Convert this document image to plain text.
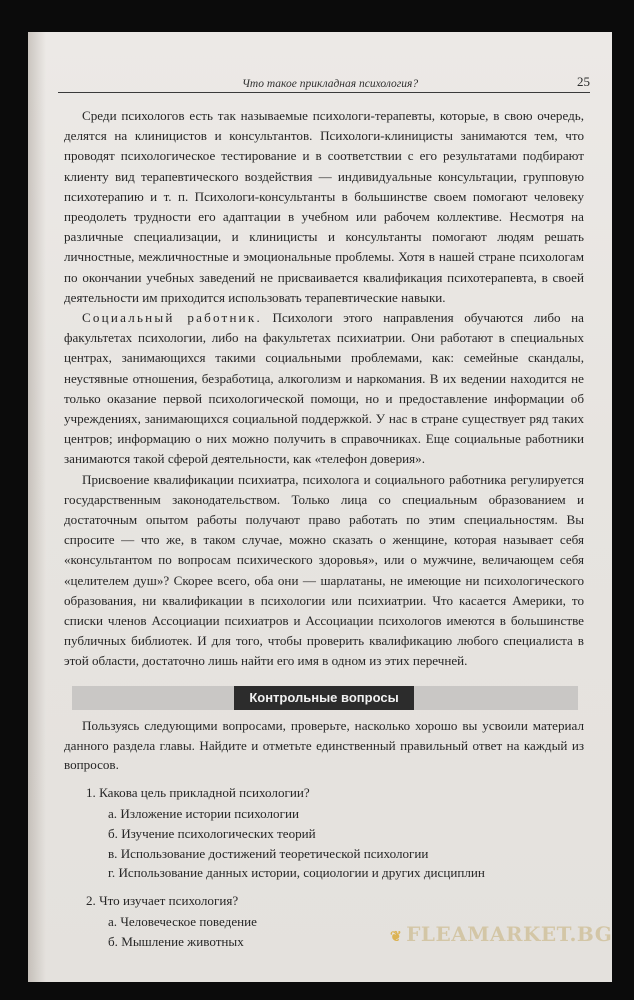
Что такое прикладная психология?	25

Среди психологов есть так называемые психологи-терапевты, которые, в свою очередь, делятся на клиницистов и консультантов. Психологи-клиницисты занимаются тем, что проводят психологическое тестирование и в соответствии с его результатами подбирают клиенту вид терапевтического воздействия — индивидуальные консультации, групповую психотерапию и т. п. Психологи-консультанты в большинстве своем помогают человеку преодолеть трудности его адаптации в учебном или рабочем коллективе. Несмотря на различные специализации, и клиницисты и консультанты помогают людям решать личностные, межличностные и эмоциональные проблемы. Хотя в нашей стране психологам по окончании учебных заведений не присваивается квалификация психотерапевта, в своей деятельности им приходится использовать терапевтические навыки.

Социальный работник. Психологи этого направления обучаются либо на факультетах психологии, либо на факультетах психиатрии. Они работают в специальных центрах, занимающихся такими социальными проблемами, как: семейные скандалы, неустявные отношения, безработица, алкоголизм и наркомания. В их ведении находится не только оказание первой психологической помощи, но и предоставление информации об учреждениях, занимающихся социальной поддержкой. У нас в стране существует ряд таких центров; информацию о них можно получить в справочниках. Еще социальные работники занимаются такой сферой деятельности, как «телефон доверия».

Присвоение квалификации психиатра, психолога и социального работника регулируется государственным законодательством. Только лица со специальным образованием и достаточным опытом работы получают право работать по этим специальностям. Вы спросите — что же, в таком случае, можно сказать о женщине, которая называет себя «консультантом по вопросам психического здоровья», или о мужчине, величающем себя «целителем душ»? Скорее всего, оба они — шарлатаны, не имеющие ни психологического образования, ни квалификации в психологии или психиатрии. Что касается Америки, то списки членов Ассоциации психиатров и Ассоциации психологов имеются в большинстве публичных библиотек. И для того, чтобы проверить квалификацию любого специалиста в этой области, достаточно лишь найти его имя в одном из этих перечней.

Контрольные вопросы

Пользуясь следующими вопросами, проверьте, насколько хорошо вы усвоили материал данного раздела главы. Найдите и отметьте единственный правильный ответ на каждый из вопросов.

1. Какова цель прикладной психологии?

а. Изложение истории психологии

б. Изучение психологических теорий

в. Использование достижений теоретической психологии

г. Использование данных истории, социологии и других дисциплин

2. Что изучает психология?

а. Человеческое поведение

б. Мышление животных	❦ FLEAMARKET.BG
